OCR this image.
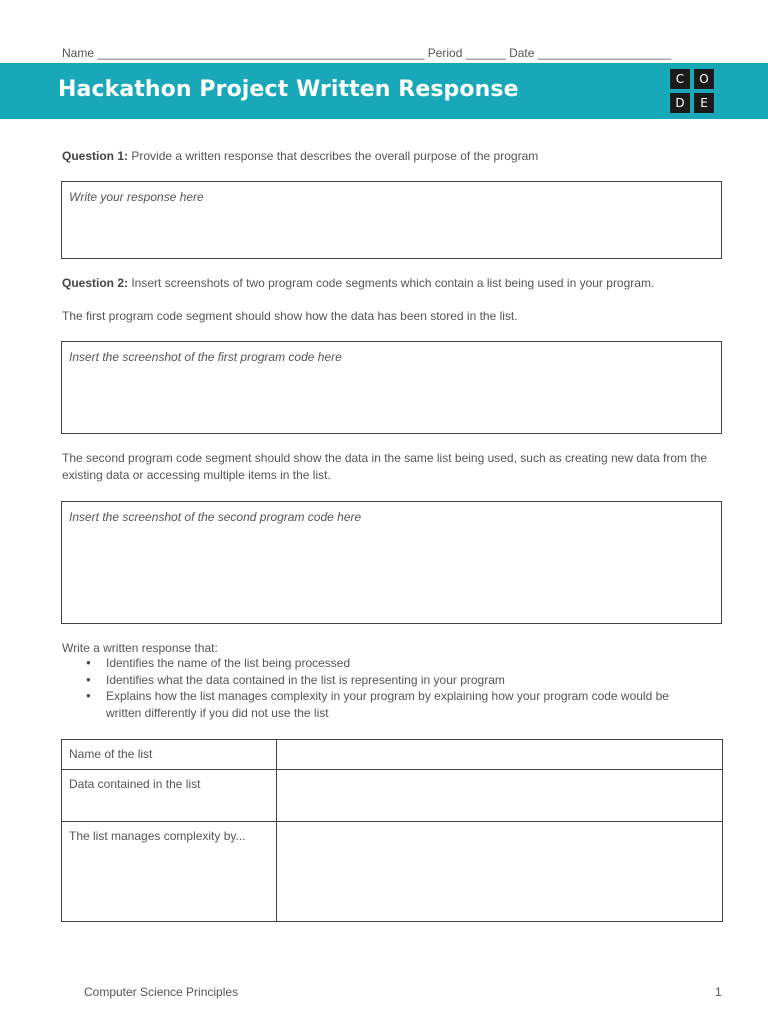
Name _________________________________________________ Period ______ Date ____________________
Hackathon Project Written Response	C	O
D	E
Question 1: Provide a written response that describes the overall purpose of the program
Write your response here
Question 2: Insert screenshots of two program code segments which contain a list being used in your program.
The first program code segment should show how the data has been stored in the list.
Insert the screenshot of the first program code here
The second program code segment should show the data in the same list being used, such as creating new data from the existing data or accessing multiple items in the list.
Insert the screenshot of the second program code here
Write a written response that:
● Identifies the name of the list being processed
● Identifies what the data contained in the list is representing in your program
● Explains how the list manages complexity in your program by explaining how your program code would be written differently if you did not use the list
Name of the list	
Data contained in the list	
The list manages complexity by...	
Computer Science Principles	1
